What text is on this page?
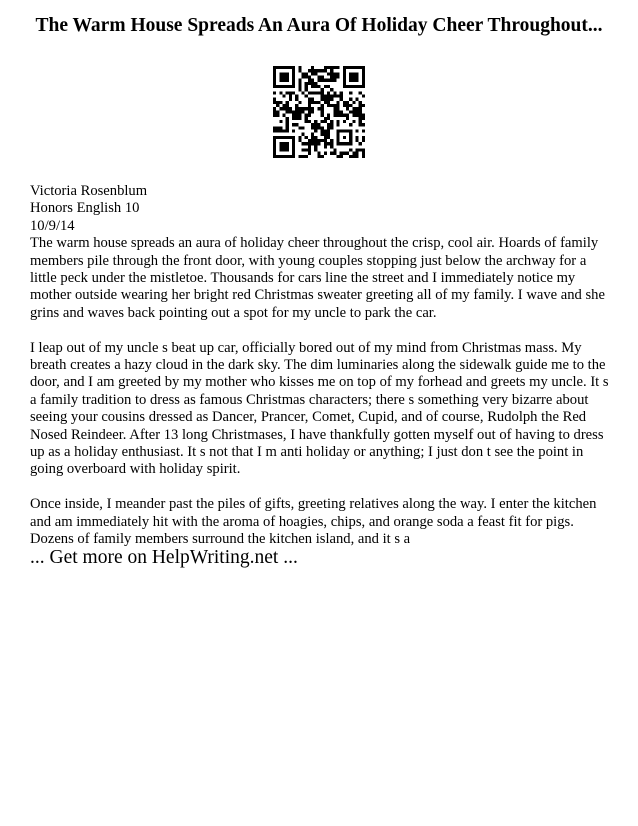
The Warm House Spreads An Aura Of Holiday Cheer Throughout...
Victoria Rosenblum
Honors English 10
10/9/14

The warm house spreads an aura of holiday cheer throughout the crisp, cool air. Hoards of family members pile through the front door, with young couples stopping just below the archway for a little peck under the mistletoe. Thousands for cars line the street and I immediately notice my mother outside wearing her bright red Christmas sweater greeting all of my family. I wave and she grins and waves back pointing out a spot for my uncle to park the car.

I leap out of my uncle s beat up car, officially bored out of my mind from Christmas mass. My breath creates a hazy cloud in the dark sky. The dim luminaries along the sidewalk guide me to the door, and I am greeted by my mother who kisses me on top of my forhead and greets my uncle. It s a family tradition to dress as famous Christmas characters; there s something very bizarre about seeing your cousins dressed as Dancer, Prancer, Comet, Cupid, and of course, Rudolph the Red Nosed Reindeer. After 13 long Christmases, I have thankfully gotten myself out of having to dress up as a holiday enthusiast. It s not that I m anti holiday or anything; I just don t see the point in going overboard with holiday spirit.

Once inside, I meander past the piles of gifts, greeting relatives along the way. I enter the kitchen and am immediately hit with the aroma of hoagies, chips, and orange soda a feast fit for pigs. Dozens of family members surround the kitchen island, and it s a

... Get more on HelpWriting.net ...
